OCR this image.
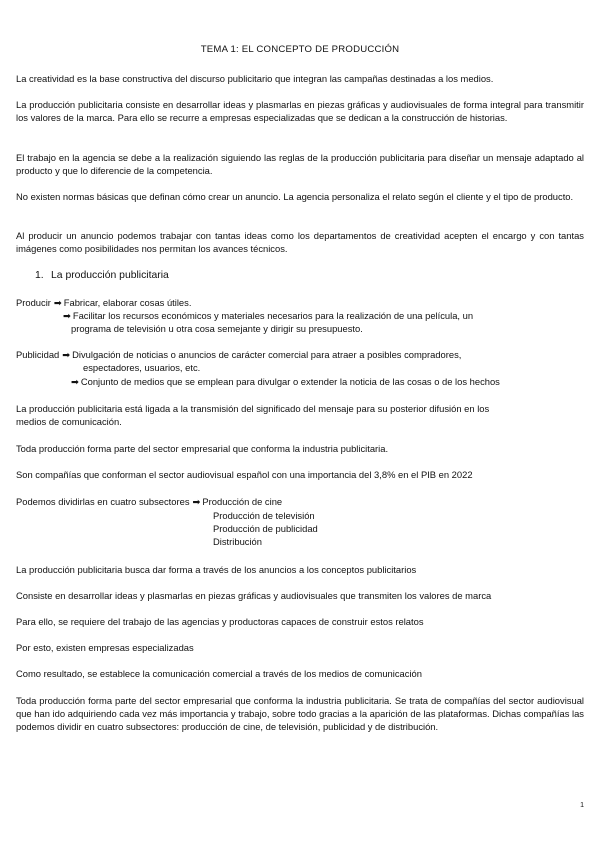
TEMA 1: EL CONCEPTO DE PRODUCCIÓN
La creatividad es la base constructiva del discurso publicitario que integran las campañas destinadas a los medios.
La producción publicitaria consiste en desarrollar ideas y plasmarlas en piezas gráficas y audiovisuales de forma integral para transmitir los valores de la marca. Para ello se recurre a empresas especializadas que se dedican a la construcción de historias.
El trabajo en la agencia se debe a la realización siguiendo las reglas de la producción publicitaria para diseñar un mensaje adaptado al producto y que lo diferencie de la competencia.
No existen normas básicas que definan cómo crear un anuncio. La agencia personaliza el relato según el cliente y el tipo de producto.
Al producir un anuncio podemos trabajar con tantas ideas como los departamentos de creatividad acepten el encargo y con tantas imágenes como posibilidades nos permitan los avances técnicos.
1. La producción publicitaria
Producir ➡ Fabricar, elaborar cosas útiles.
➡ Facilitar los recursos económicos y materiales necesarios para la realización de una película, un
programa de televisión u otra cosa semejante y dirigir su presupuesto.
Publicidad ➡ Divulgación de noticias o anuncios de carácter comercial para atraer a posibles compradores,
espectadores, usuarios, etc.
➡ Conjunto de medios que se emplean para divulgar o extender la noticia de las cosas o de los hechos
La producción publicitaria está ligada a la transmisión del significado del mensaje para su posterior difusión en los
medios de comunicación.
Toda producción forma parte del sector empresarial que conforma la industria publicitaria.
Son compañías que conforman el sector audiovisual español con una importancia del 3,8% en el PIB en 2022
Podemos dividirlas en cuatro subsectores ➡ Producción de cine
Producción de televisión
Producción de publicidad
Distribución
La producción publicitaria busca dar forma a través de los anuncios a los conceptos publicitarios
Consiste en desarrollar ideas y plasmarlas en piezas gráficas y audiovisuales que transmiten los valores de marca
Para ello, se requiere del trabajo de las agencias y productoras capaces de construir estos relatos
Por esto, existen empresas especializadas
Como resultado, se establece la comunicación comercial a través de los medios de comunicación
Toda producción forma parte del sector empresarial que conforma la industria publicitaria. Se trata de compañías del sector audiovisual que han ido adquiriendo cada vez más importancia y trabajo, sobre todo gracias a la aparición de las plataformas. Dichas compañías las podemos dividir en cuatro subsectores: producción de cine, de televisión, publicidad y de distribución.
1
